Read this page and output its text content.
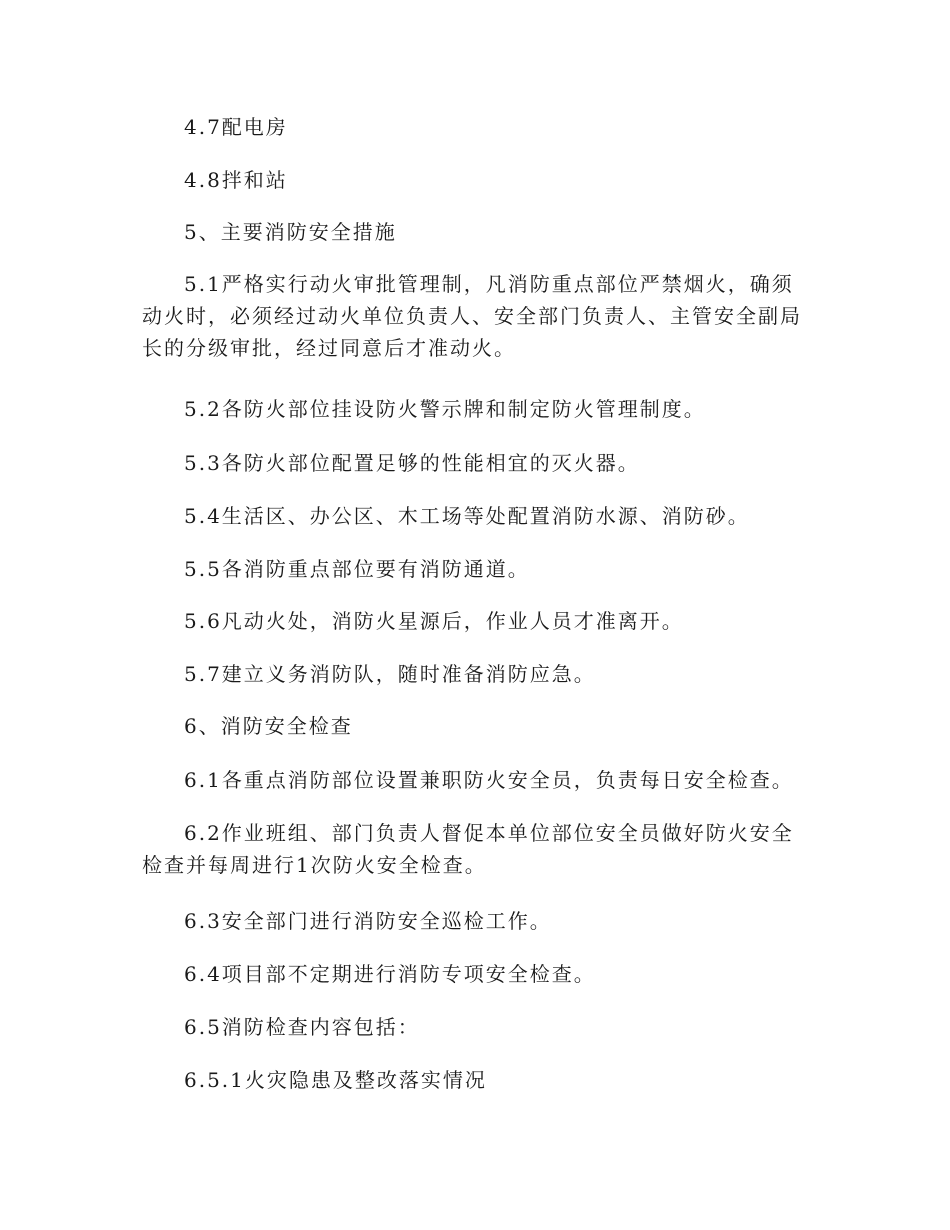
4.7配电房

4.8拌和站

5、主要消防安全措施

5.1严格实行动火审批管理制，凡消防重点部位严禁烟火，确须动火时，必须经过动火单位负责人、安全部门负责人、主管安全副局长的分级审批，经过同意后才准动火。

5.2各防火部位挂设防火警示牌和制定防火管理制度。

5.3各防火部位配置足够的性能相宜的灭火器。

5.4生活区、办公区、木工场等处配置消防水源、消防砂。

5.5各消防重点部位要有消防通道。

5.6凡动火处，消防火星源后，作业人员才准离开。

5.7建立义务消防队，随时准备消防应急。

6、消防安全检查

6.1各重点消防部位设置兼职防火安全员，负责每日安全检查。

6.2作业班组、部门负责人督促本单位部位安全员做好防火安全检查并每周进行1次防火安全检查。

6.3安全部门进行消防安全巡检工作。

6.4项目部不定期进行消防专项安全检查。

6.5消防检查内容包括：

6.5.1火灾隐患及整改落实情况
